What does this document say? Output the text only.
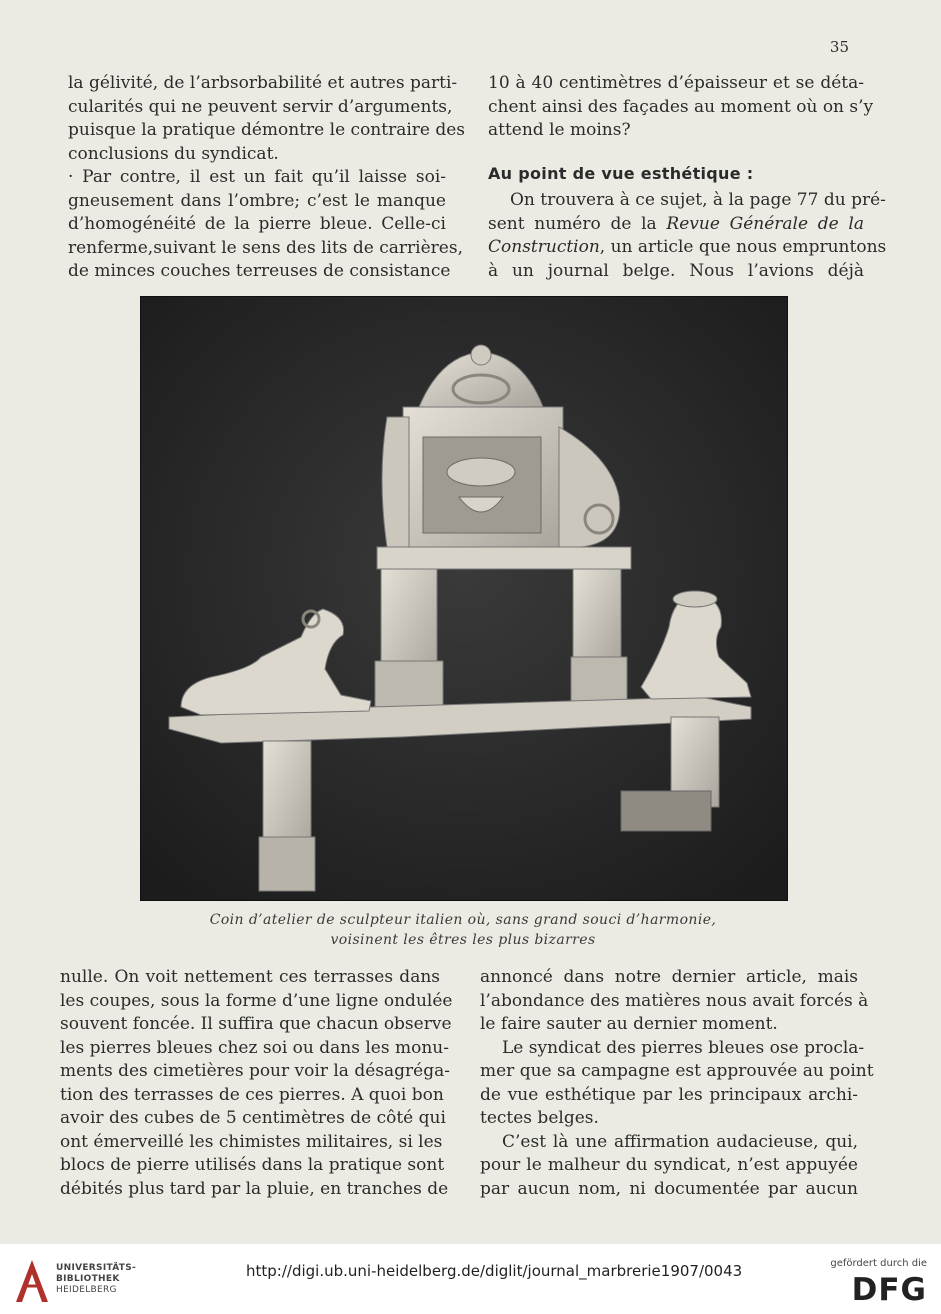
35
la gélivité, de l’arbsorbabilité et autres parti-
cularités qui ne peuvent servir d’arguments,
puisque la pratique démontre le contraire des
conclusions du syndicat.
· Par contre, il est un fait qu’il laisse soi-
gneusement dans l’ombre; c’est le manque
d’homogénéité de la pierre bleue. Celle-ci
renferme,suivant le sens des lits de carrières,
de minces couches terreuses de consistance
10 à 40 centimètres d’épaisseur et se déta-
chent ainsi des façades au moment où on s’y
attend le moins?

Au point de vue esthétique :

On trouvera à ce sujet, à la page 77 du pré-
sent numéro de la Revue Générale de la
Construction, un article que nous empruntons
à un journal belge. Nous l’avions déjà
Coin d’atelier de sculpteur italien où, sans grand souci d’harmonie,
voisinent les êtres les plus bizarres
nulle. On voit nettement ces terrasses dans
les coupes, sous la forme d’une ligne ondulée
souvent foncée. Il suffira que chacun observe
les pierres bleues chez soi ou dans les monu-
ments des cimetières pour voir la désagréga-
tion des terrasses de ces pierres. A quoi bon
avoir des cubes de 5 centimètres de côté qui
ont émerveillé les chimistes militaires, si les
blocs de pierre utilisés dans la pratique sont
débités plus tard par la pluie, en tranches de
annoncé dans notre dernier article, mais
l’abondance des matières nous avait forcés à
le faire sauter au dernier moment.
Le syndicat des pierres bleues ose procla-
mer que sa campagne est approuvée au point
de vue esthétique par les principaux archi-
tectes belges.
C’est là une affirmation audacieuse, qui,
pour le malheur du syndicat, n’est appuyée
par aucun nom, ni documentée par aucun
UNIVERSITÄTS-
BIBLIOTHEK
HEIDELBERG
http://digi.ub.uni-heidelberg.de/diglit/journal_marbrerie1907/0043	gefördert durch die
DFG
